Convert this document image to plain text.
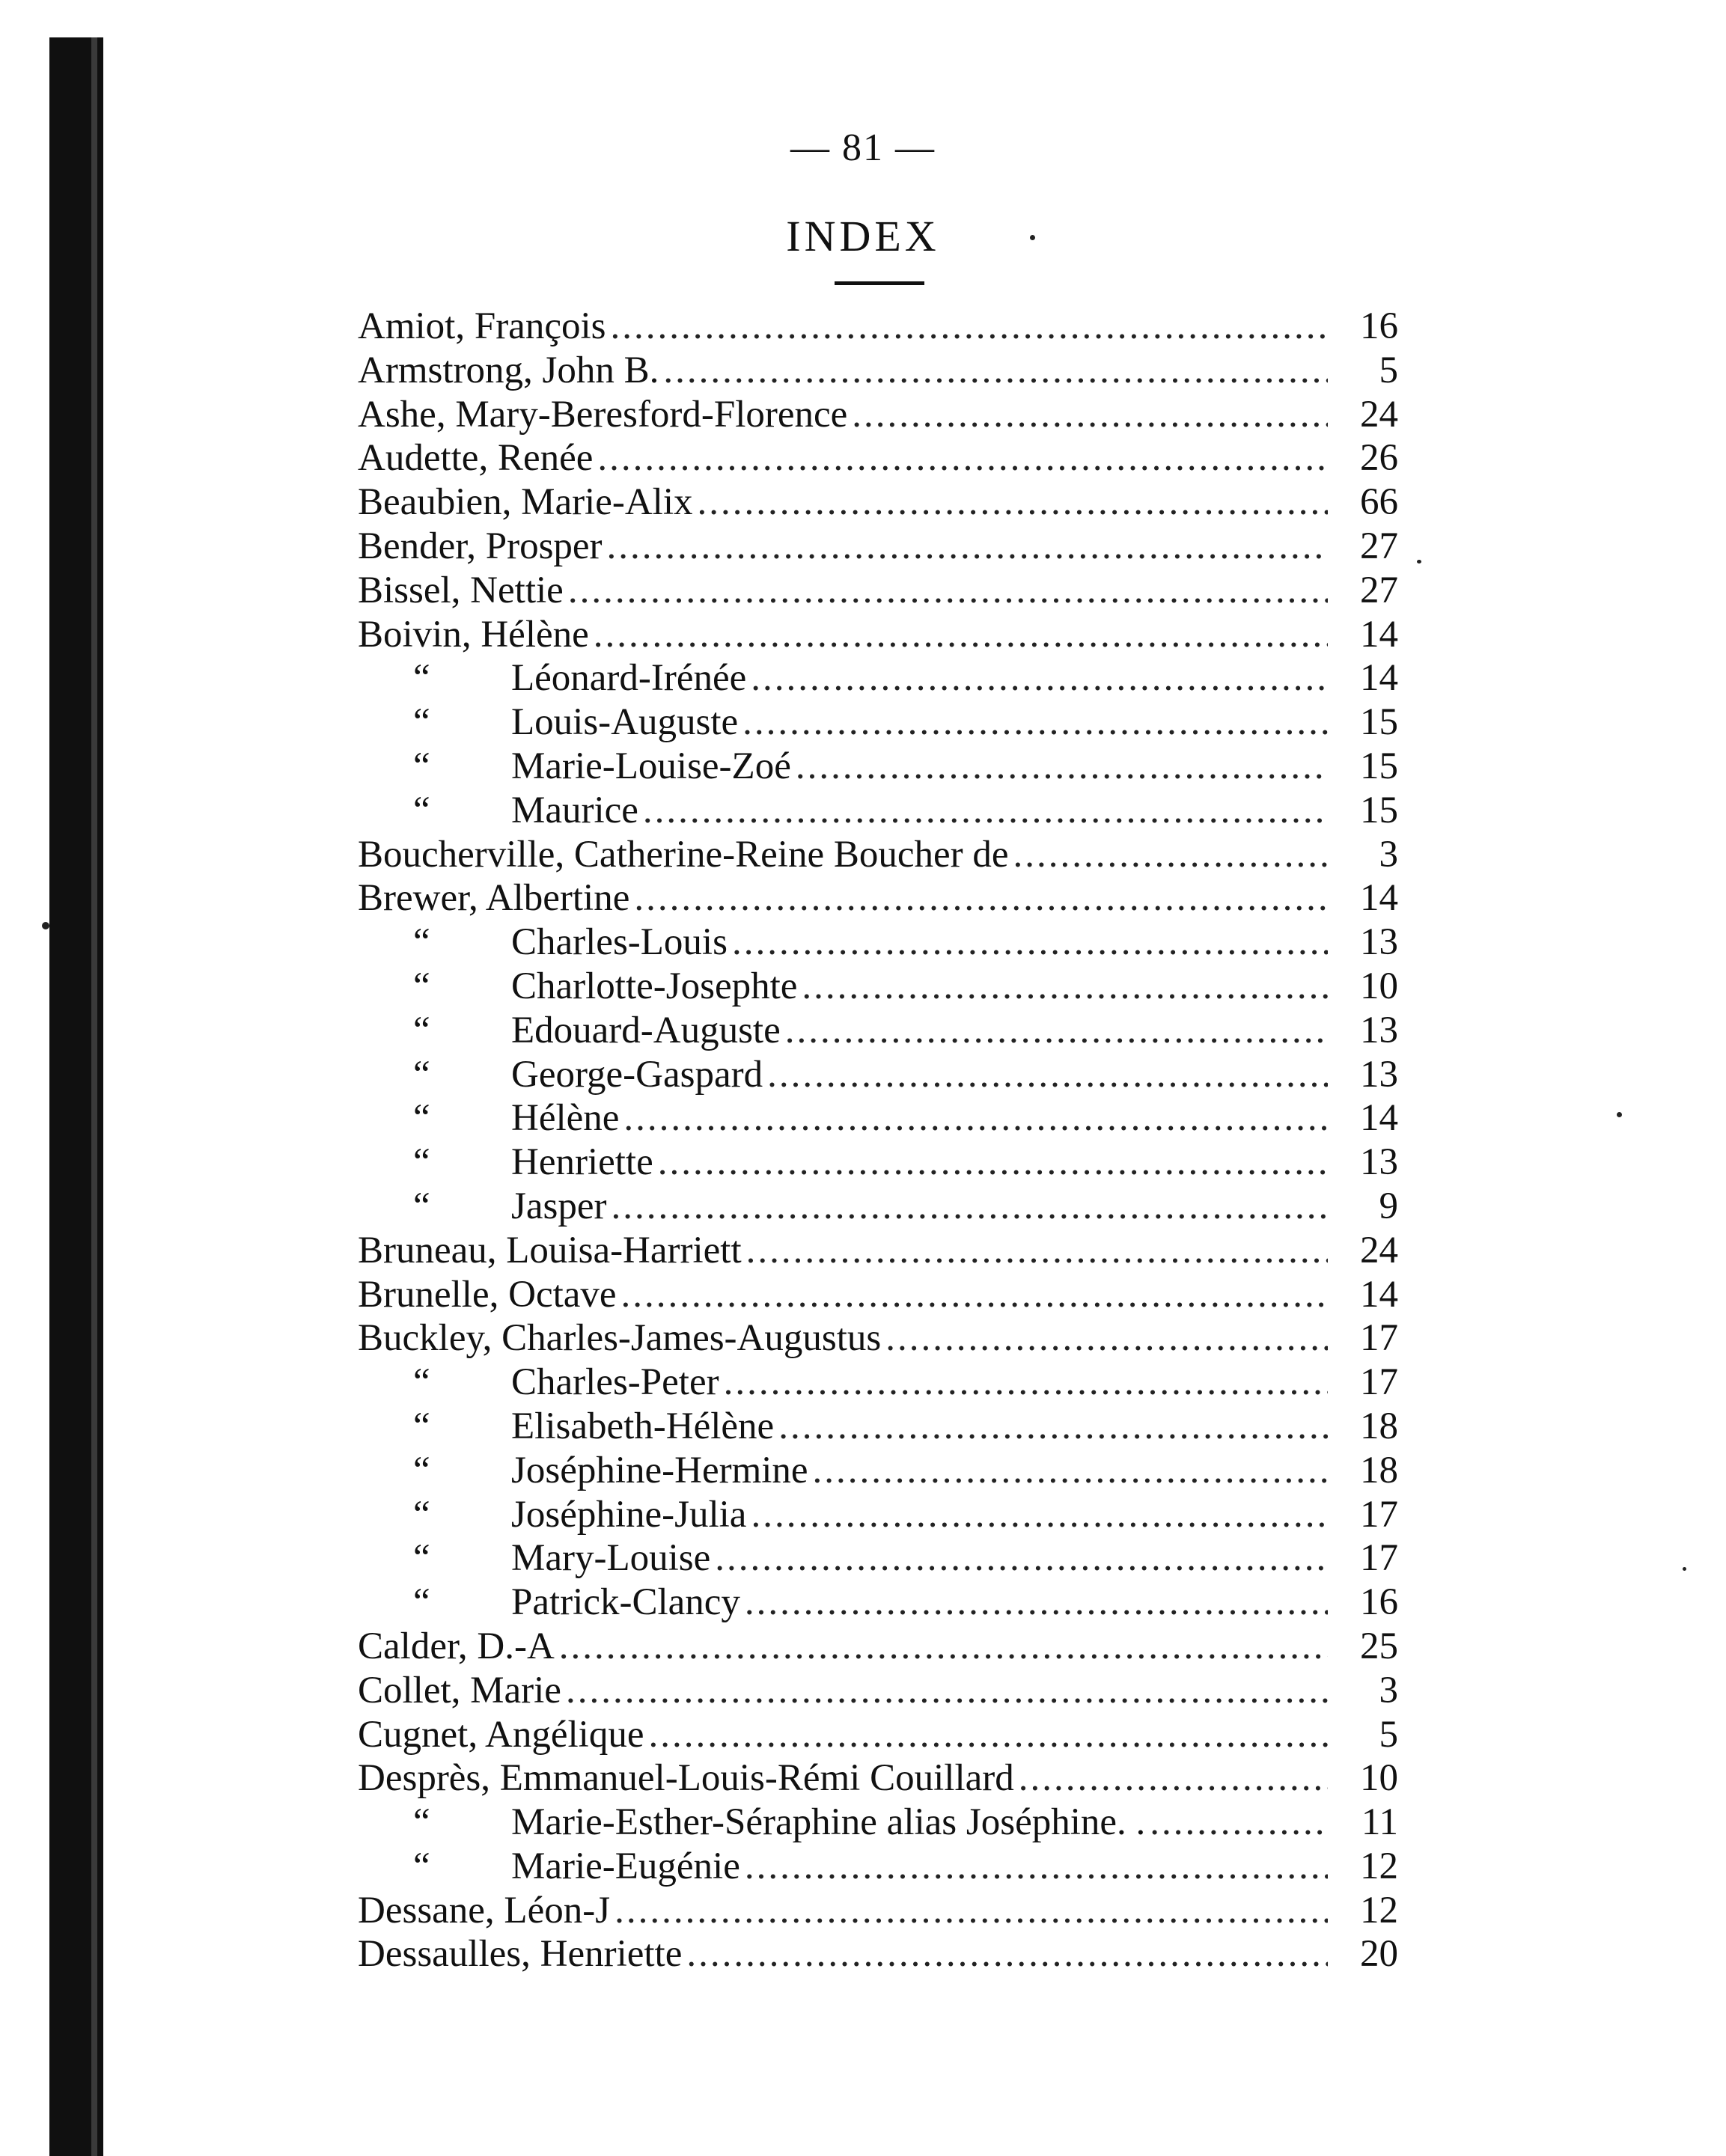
— 81 —
INDEX
Amiot, François .....	16
Armstrong, John B. .....	5
Ashe, Mary-Beresford-Florence .....	24
Audette, Renée .....	26
Beaubien, Marie-Alix .....	66
Bender, Prosper .....	27
Bissel, Nettie .....	27
Boivin, Hélène .....	14
“	Léonard-Irénée .....	14
“	Louis-Auguste .....	15
“	Marie-Louise-Zoé .....	15
“	Maurice .....	15
Boucherville, Catherine-Reine Boucher de .....	3
Brewer, Albertine .....	14
“	Charles-Louis .....	13
“	Charlotte-Josephte .....	10
“	Edouard-Auguste .....	13
“	George-Gaspard .....	13
“	Hélène .....	14
“	Henriette .....	13
“	Jasper .....	9
Bruneau, Louisa-Harriett .....	24
Brunelle, Octave .....	14
Buckley, Charles-James-Augustus .....	17
“	Charles-Peter .....	17
“	Elisabeth-Hélène .....	18
“	Joséphine-Hermine .....	18
“	Joséphine-Julia .....	17
“	Mary-Louise .....	17
“	Patrick-Clancy .....	16
Calder, D.-A .....	25
Collet, Marie .....	3
Cugnet, Angélique .....	5
Desprès, Emmanuel-Louis-Rémi Couillard .....	10
“	Marie-Esther-Séraphine alias Joséphine. . .....	11
“	Marie-Eugénie .....	12
Dessane, Léon-J .....	12
Dessaulles, Henriette .....	20
